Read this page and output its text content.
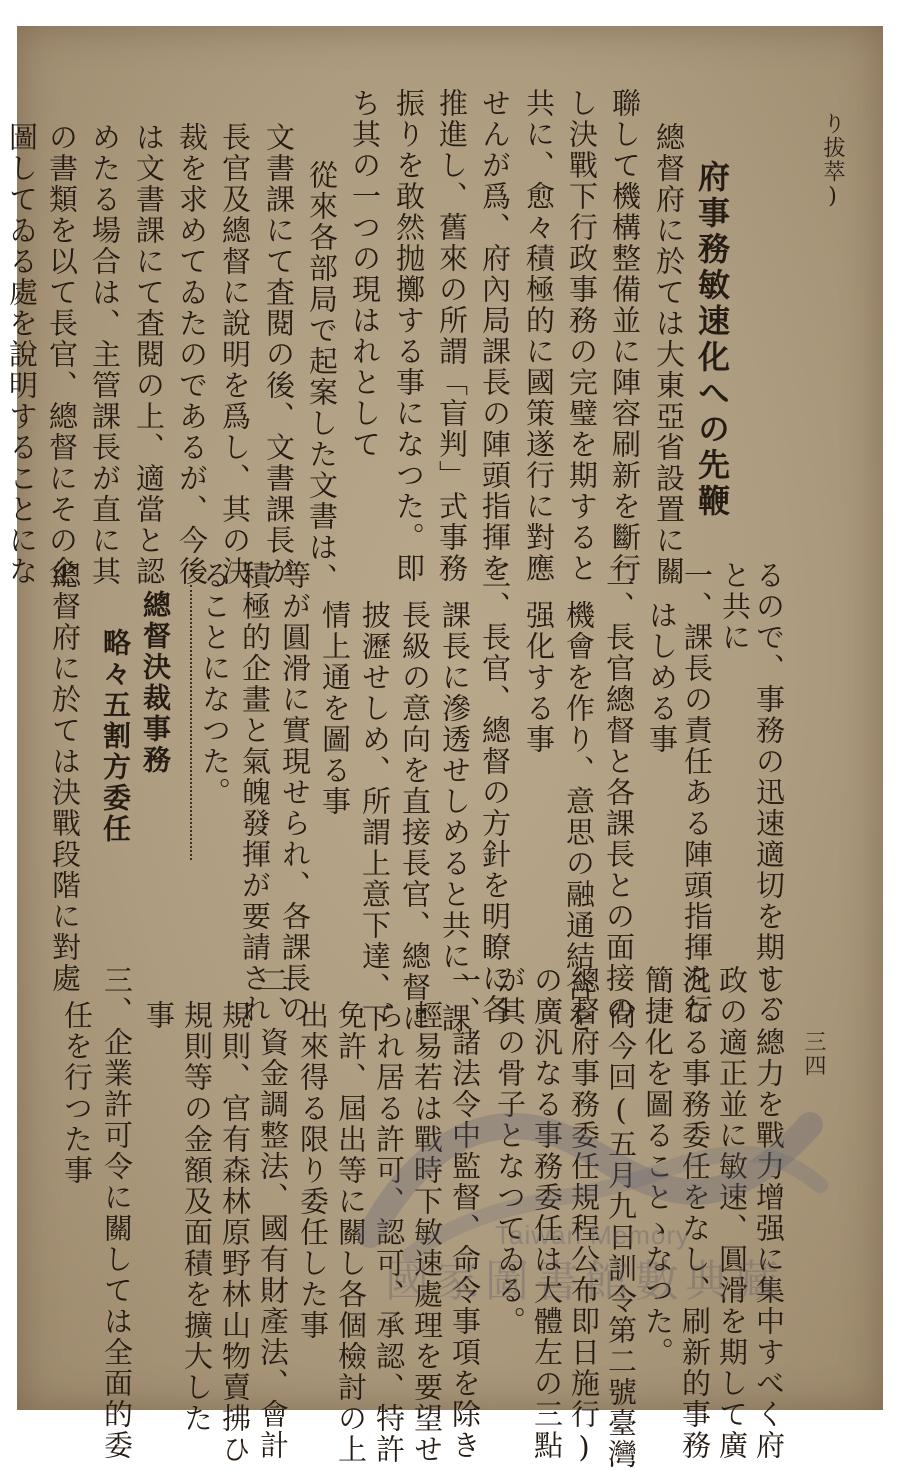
り拔萃)
府事務敏速化への先鞭
總督府に於ては大東亞省設置に關
聯して機構整備並に陣容刷新を斷行
し決戰下行政事務の完璧を期すると
共に、愈々積極的に國策遂行に對應
せんが爲、府內局課長の陣頭指揮を
推進し、舊來の所謂「盲判」式事務
振りを敢然抛擲する事になつた。即
ち其の一つの現はれとして
從來各部局で起案した文書は、
文書課にて査閱の後、文書課長が
長官及總督に說明を爲し、其の決
裁を求めてゐたのであるが、今後
は文書課にて査閱の上、適當と認
めたる場合は、主管課長が直に其
の書類を以て長官、總督にその企
圖してゐる處を說明することにな
るので、事務の迅速適切を期する
と共に
一、課長の責任ある陣頭指揮を行
はしめる事
二、長官總督と各課長との面接の
機會を作り、意思の融通結合を
强化する事
三、長官、總督の方針を明瞭に各
課長に滲透せしめると共に、課
長級の意向を直接長官、總督に
披瀝せしめ、所謂上意下達、下
情上通を圖る事
等が圓滑に實現せられ、各課長の
積極的企畫と氣魄發揮が要請され
ることになつた。
總督決裁事務
略々五割方委任
總督府に於ては決戰段階に對處
三四
し、總力を戰力增强に集中すべく府
政の適正並に敏速、圓滑を期して廣
汎なる事務委任をなし、刷新的事務
簡捷化を圖ることゝなつた。
尙今回(五月九日訓令第二號臺灣
總督府事務委任規程公布即日施行)
の廣汎なる事務委任は大體左の三點
が其の骨子となつてゐる。
一、諸法令中監督、命令事項を除き
輕易若は戰時下敏速處理を要望せ
られ居る許可、認可、承認、特許
免許、屆出等に關し各個檢討の上
出來得る限り委任した事
二、資金調整法、國有財產法、會計
規則、官有森林原野林山物賣拂ひ
規則等の金額及面積を擴大した
事
三、企業許可令に關しては全面的委
任を行つた事
Taiwan Memory
國家圖書館數典藏
